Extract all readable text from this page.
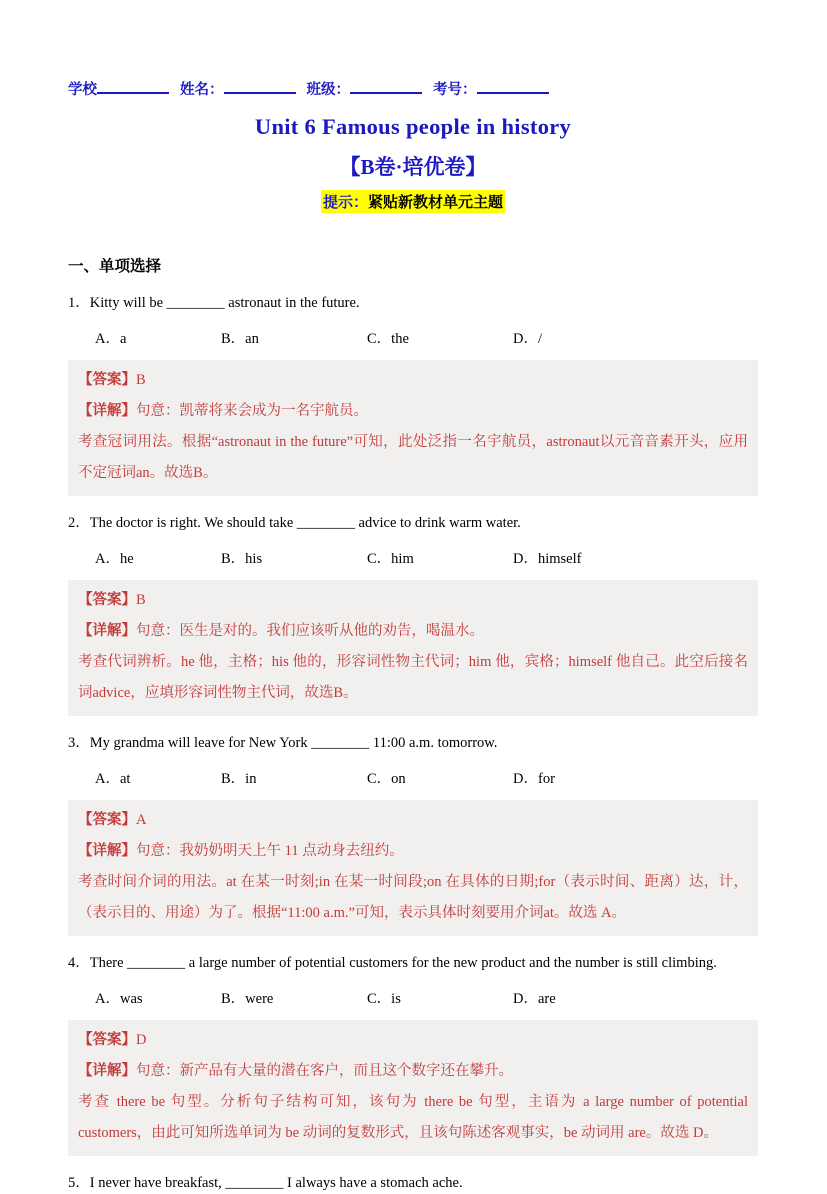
学校	姓名：	班级：	考号：
Unit 6 Famous people in history
【B卷·培优卷】
提示：紧贴新教材单元主题
一、单项选择
1．Kitty will be ________ astronaut in the future.
A．a	B．an	C．the	D．/
【答案】B
【详解】句意：凯蒂将来会成为一名宇航员。
考查冠词用法。根据“astronaut in the future”可知，此处泛指一名宇航员，astronaut以元音音素开头，应用不定冠词an。故选B。
2．The doctor is right. We should take ________ advice to drink warm water.
A．he	B．his	C．him	D．himself
【答案】B
【详解】句意：医生是对的。我们应该听从他的劝告，喝温水。
考查代词辨析。he 他，主格；his 他的，形容词性物主代词；him 他，宾格；himself 他自己。此空后接名词advice，应填形容词性物主代词，故选B。
3．My grandma will leave for New York ________ 11:00 a.m. tomorrow.
A．at	B．in	C．on	D．for
【答案】A
【详解】句意：我奶奶明天上午 11 点动身去纽约。
考查时间介词的用法。at 在某一时刻;in 在某一时间段;on 在具体的日期;for（表示时间、距离）达，计，（表示目的、用途）为了。根据“11:00 a.m.”可知，表示具体时刻要用介词at。故选 A。
4．There ________ a large number of potential customers for the new product and the number is still climbing.
A．was	B．were	C．is	D．are
【答案】D
【详解】句意：新产品有大量的潜在客户，而且这个数字还在攀升。
考查 there be 句型。分析句子结构可知，该句为 there be 句型，主语为 a large number of potential customers，由此可知所选单词为 be 动词的复数形式，且该句陈述客观事实，be 动词用 are。故选 D。
5．I never have breakfast, ________ I always have a stomach ache.
